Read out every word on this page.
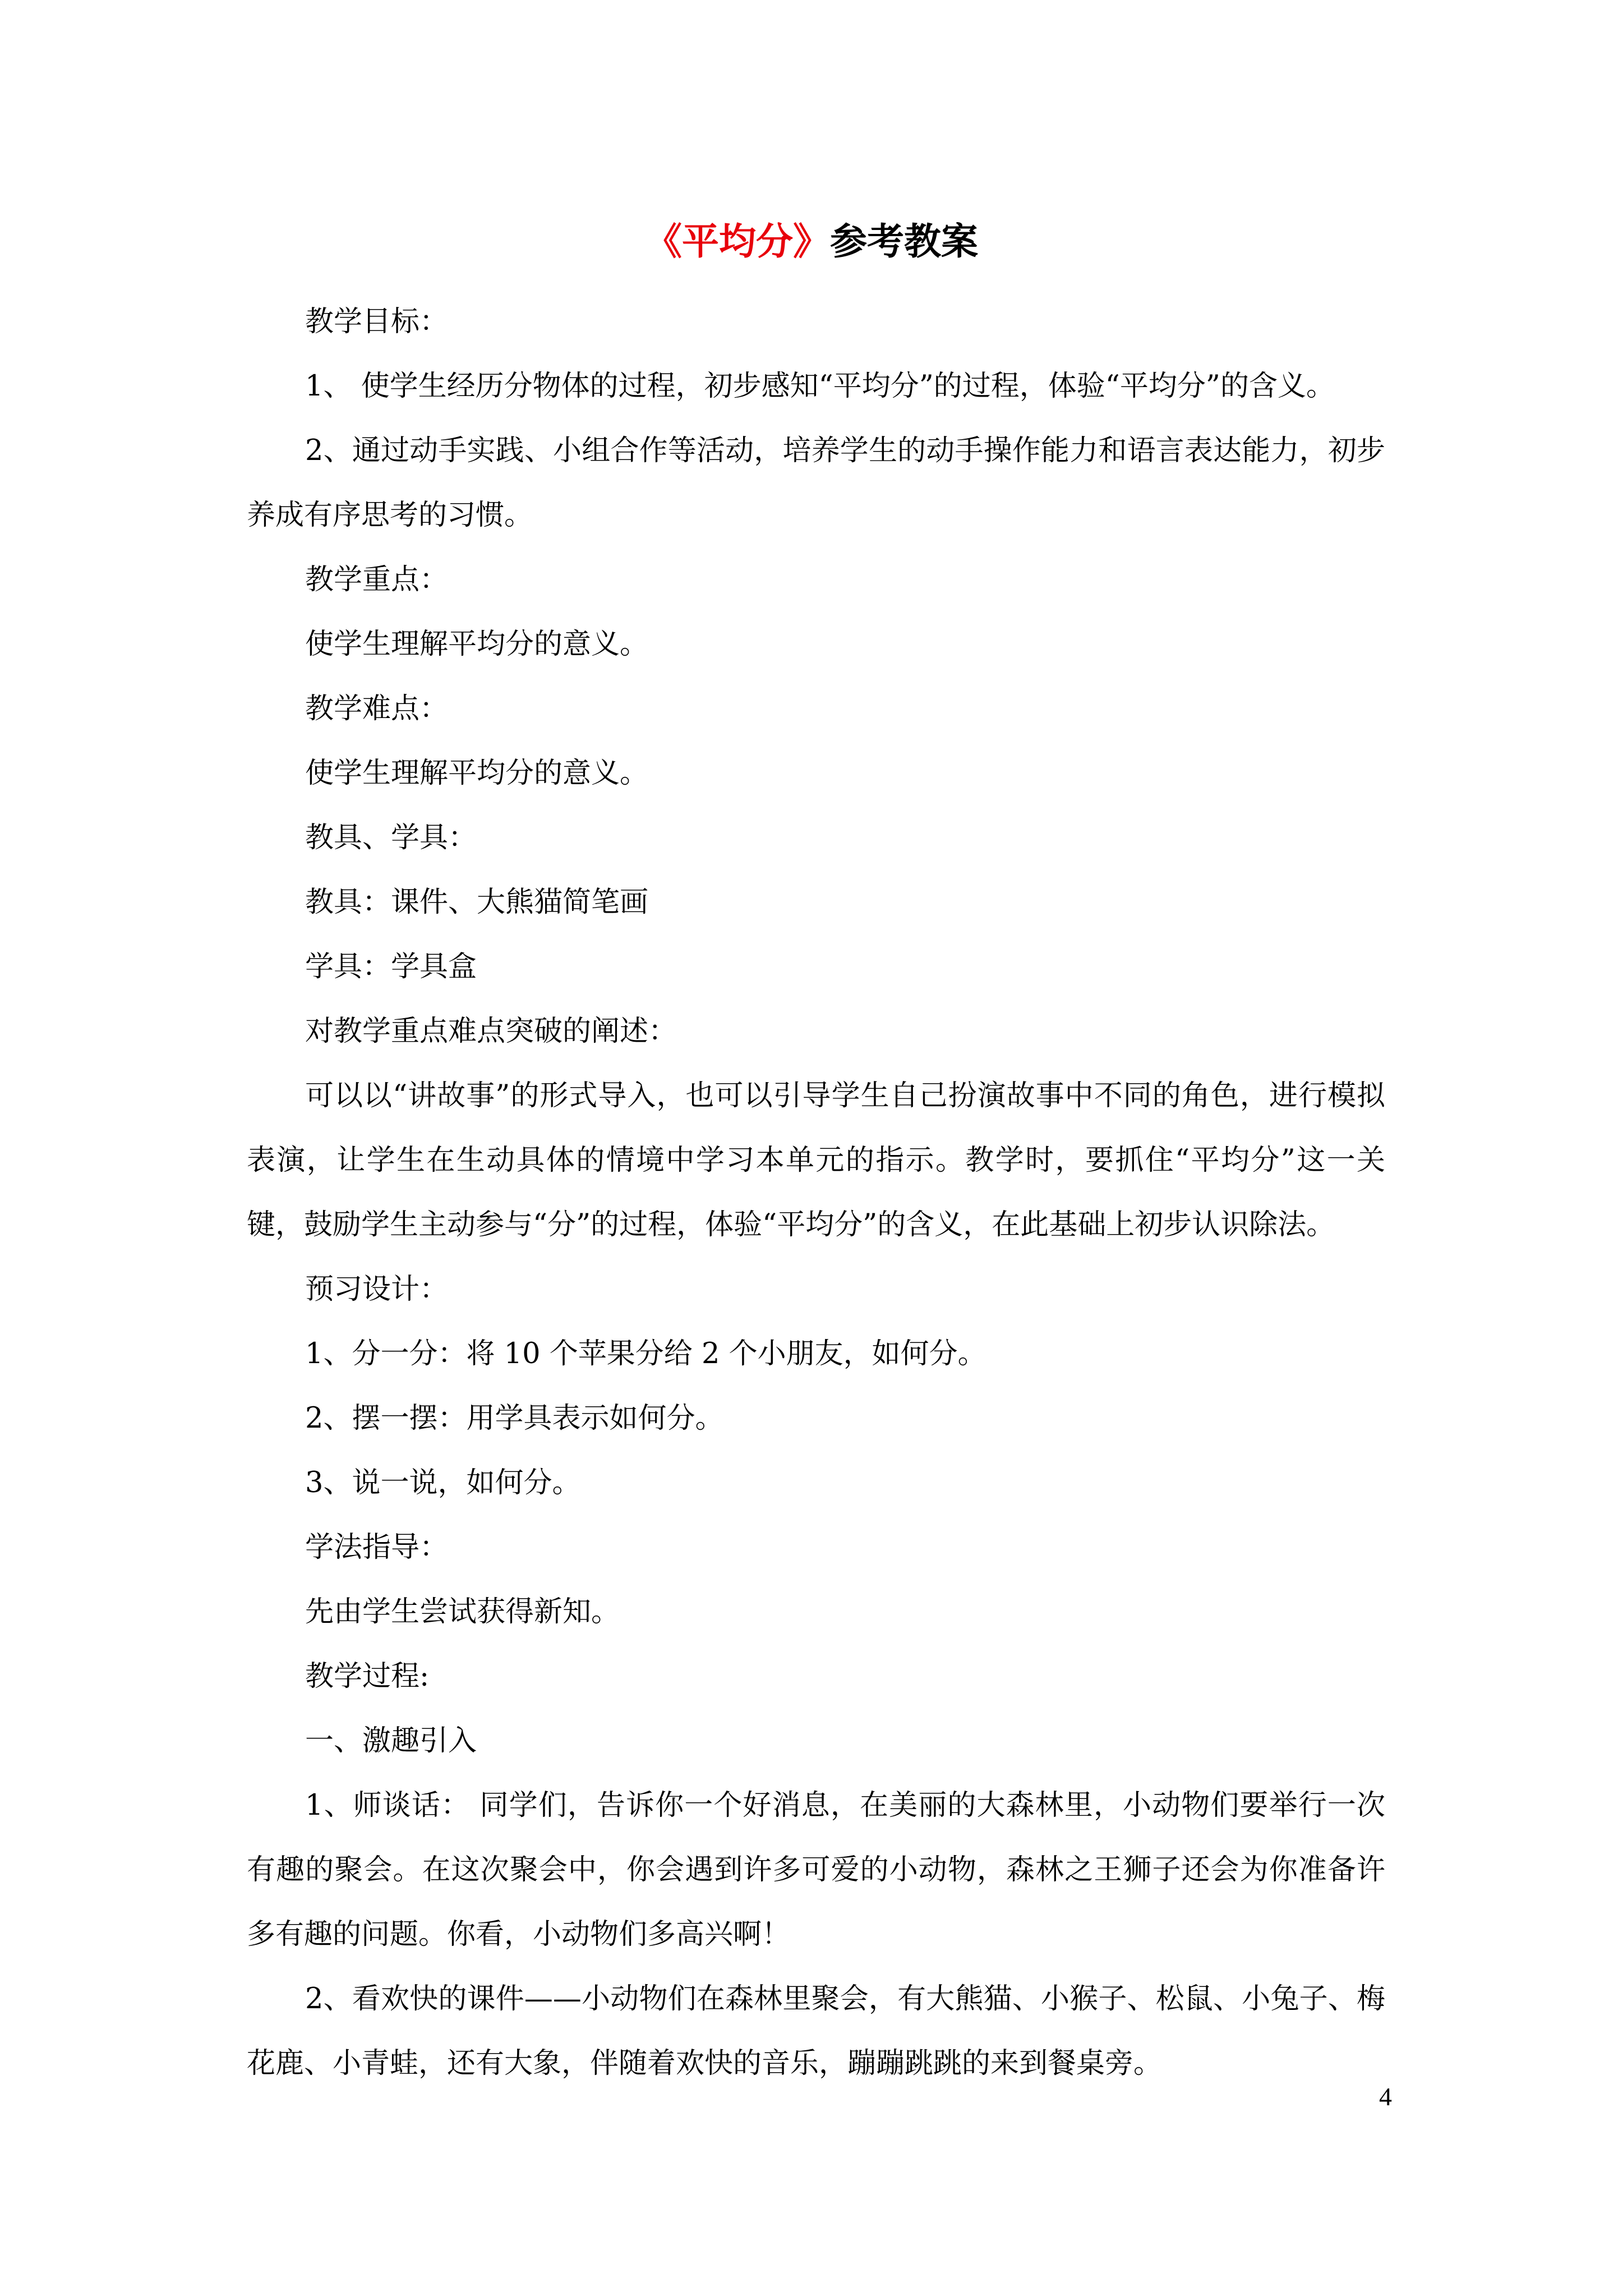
《平均分》参考教案

教学目标：

1、 使学生经历分物体的过程，初步感知“平均分”的过程，体验“平均分”的含义。

2、通过动手实践、小组合作等活动，培养学生的动手操作能力和语言表达能力，初步养成有序思考的习惯。

教学重点：

使学生理解平均分的意义。

教学难点：

使学生理解平均分的意义。

教具、学具：

教具：课件、大熊猫简笔画

学具：学具盒

对教学重点难点突破的阐述：

可以以“讲故事”的形式导入，也可以引导学生自己扮演故事中不同的角色，进行模拟表演，让学生在生动具体的情境中学习本单元的指示。教学时，要抓住“平均分”这一关键，鼓励学生主动参与“分”的过程，体验“平均分”的含义，在此基础上初步认识除法。

预习设计：

1、分一分：将 10 个苹果分给 2 个小朋友，如何分。

2、摆一摆：用学具表示如何分。

3、说一说，如何分。

学法指导：

先由学生尝试获得新知。

教学过程:

一、激趣引入

1、师谈话： 同学们，告诉你一个好消息，在美丽的大森林里，小动物们要举行一次有趣的聚会。在这次聚会中，你会遇到许多可爱的小动物，森林之王狮子还会为你准备许多有趣的问题。你看，小动物们多高兴啊！

2、看欢快的课件——小动物们在森林里聚会，有大熊猫、小猴子、松鼠、小兔子、梅花鹿、小青蛙，还有大象，伴随着欢快的音乐，蹦蹦跳跳的来到餐桌旁。

4
